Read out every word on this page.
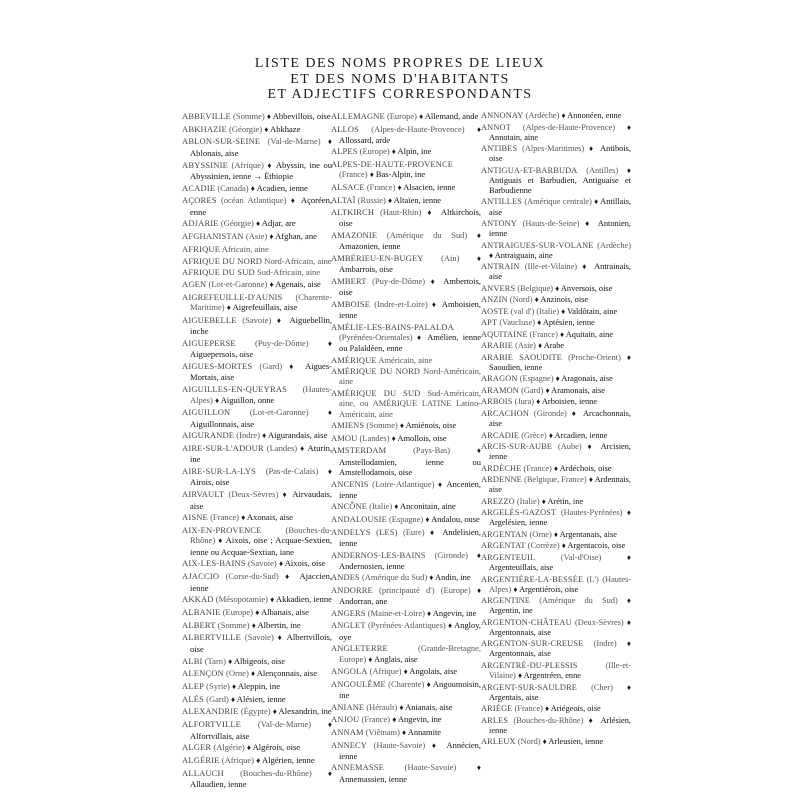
LISTE DES NOMS PROPRES DE LIEUX
ET DES NOMS D'HABITANTS
ET ADJECTIFS CORRESPONDANTS

ABBEVILLE (Somme) ♦ Abbevillois, oise

ABKHAZIE (Géorgie) ♦ Abkhaze

ABLON-SUR-SEINE (Val-de-Marne) ♦ Ablonais, aise

ABYSSINIE (Afrique) ♦ Abyssin, ine ou Abyssinien, ienne → Éthiopie

ACADIE (Canada) ♦ Acadien, ienne

AÇORES (océan Atlantique) ♦ Açoréen, enne

ADJARIE (Géorgie) ♦ Adjar, are

AFGHANISTAN (Asie) ♦ Afghan, ane

AFRIQUE Africain, aine

AFRIQUE DU NORD Nord-Africain, aine

AFRIQUE DU SUD Sud-Africain, aine

AGEN (Lot-et-Garonne) ♦ Agenais, aise

AIGREFEUILLE-D'AUNIS (Charente-Maritime) ♦ Aigrefeuillais, aise

AIGUEBELLE (Savoie) ♦ Aiguebellin, inche

AIGUEPERSE (Puy-de-Dôme) ♦ Aiguepersois, oise

AIGUES-MORTES (Gard) ♦ Aigues-Mortais, aise

AIGUILLES-EN-QUEYRAS (Hautes-Alpes) ♦ Aiguillon, onne

AIGUILLON (Lot-et-Garonne) ♦ Aiguillonnais, aise

AIGURANDE (Indre) ♦ Aigurandais, aise

AIRE-SUR-L'ADOUR (Landes) ♦ Aturin, ine

AIRE-SUR-LA-LYS (Pas-de-Calais) ♦ Airois, oise

AIRVAULT (Deux-Sèvres) ♦ Airvaudais, aise

AISNE (France) ♦ Axonais, aise

AIX-EN-PROVENCE	(Bouches-du-Rhône) ♦ Aixois, oise ; Acquae-Sextien, ienne ou Acquae-Sextian, iane

AIX-LES-BAINS (Savoie) ♦ Aixois, oise

AJACCIO (Corse-du-Sud) ♦ Ajaccien, ienne

AKKAD (Mésopotamie) ♦ Akkadien, ienne

ALBANIE (Europe) ♦ Albanais, aise

ALBERT (Somme) ♦ Albertin, ine

ALBERTVILLE (Savoie) ♦ Albertvillois, oise

ALBI (Tarn) ♦ Albigeois, oise

ALENÇON (Orne) ♦ Alençonnais, aise

ALEP (Syrie) ♦ Aleppin, ine

ALÈS (Gard) ♦ Alésien, ienne

ALEXANDRIE (Égypte) ♦ Alexandrin, ine

ALFORTVILLE (Val-de-Marne) ♦ Alfortvillais, aise

ALGER (Algérie) ♦ Algérois, oise

ALGÉRIE (Afrique) ♦ Algérien, ienne

ALLAUCH (Bouches-du-Rhône) ♦ Allaudien, ienne

ALLEMAGNE (Europe) ♦ Allemand, ande

ALLOS (Alpes-de-Haute-Provence) ♦ Allossard, arde

ALPES (Europe) ♦ Alpin, ine

ALPES-DE-HAUTE-PROVENCE (France) ♦ Bas-Alpin, ine

ALSACE (France) ♦ Alsacien, ienne

ALTAÏ (Russie) ♦ Altaïen, ienne

ALTKIRCH (Haut-Rhin) ♦ Altkirchois, oise

AMAZONIE (Amérique du Sud) ♦ Amazonien, ienne

AMBÉRIEU-EN-BUGEY (Ain) ♦ Ambarrois, oise

AMBERT (Puy-de-Dôme) ♦ Ambertois, oise

AMBOISE (Indre-et-Loire) ♦ Amboisien, ienne

AMÉLIE-LES-BAINS-PALALDA (Pyrénées-Orientales) ♦ Amélien, ienne ou Palaldéen, enne

AMÉRIQUE Américain, aine

AMÉRIQUE DU NORD Nord-Américain, aine

AMÉRIQUE DU SUD Sud-Américain, aine, ou AMÉRIQUE LATINE Latino-Américain, aine

AMIENS (Somme) ♦ Amiénois, oise

AMOU (Landes) ♦ Amollois, oise

AMSTERDAM	(Pays-Bas)	♦ Amstellodamien, ienne ou Amstellodamois, oise

ANCENIS (Loire-Atlantique) ♦ Ancenien, ienne

ANCÔNE (Italie) ♦ Anconitain, aine

ANDALOUSIE (Espagne) ♦ Andalou, ouse

ANDELYS (LES) (Eure) ♦ Andelisien, ienne

ANDERNOS-LES-BAINS (Gironde) ♦ Andernosien, ienne

ANDES (Amérique du Sud) ♦ Andin, ine

ANDORRE (principauté d') (Europe) ♦ Andorran, ane

ANGERS (Maine-et-Loire) ♦ Angevin, ine

ANGLET (Pyrénées-Atlantiques) ♦ Angloy, oye

ANGLETERRE	(Grande-Bretagne, Europe) ♦ Anglais, aise

ANGOLA (Afrique) ♦ Angolais, aise

ANGOULÊME (Charente) ♦ Angoumoisin, ine

ANIANE (Hérault) ♦ Anianais, aise

ANJOU (France) ♦ Angevin, ine

ANNAM (Viêtnam) ♦ Annamite

ANNECY (Haute-Savoie) ♦ Annécien, ienne

ANNEMASSE (Haute-Savoie)	♦ Annemassien, ienne

ANNONAY (Ardèche) ♦ Annonéen, enne

ANNOT (Alpes-de-Haute-Provence) ♦ Annotain, aine

ANTIBES (Alpes-Maritimes) ♦ Antibois, oise

ANTIGUA-ET-BARBUDA (Antilles) ♦ Antiguais et Barbudien, Antiguaise et Barbudienne

ANTILLES (Amérique centrale) ♦ Antillais, aise

ANTONY (Hauts-de-Seine) ♦ Antonien, ienne

ANTRAIGUES-SUR-VOLANE (Ardèche) ♦ Antraiguain, aine

ANTRAIN (Ille-et-Vilaine) ♦ Antrainais, aise

ANVERS (Belgique) ♦ Anversois, oise

ANZIN (Nord) ♦ Anzinois, oise

AOSTE (val d') (Italie) ♦ Valdôtain, aine

APT (Vaucluse) ♦ Aptésien, ienne

AQUITAINE (France) ♦ Aquitain, aine

ARABIE (Asie) ♦ Arabe

ARABIE SAOUDITE (Proche-Orient) ♦ Saoudien, ienne

ARAGON (Espagne) ♦ Aragonais, aise

ARAMON (Gard) ♦ Aramonais, aise

ARBOIS (Jura) ♦ Arboisien, ienne

ARCACHON (Gironde) ♦ Arcachonnais, aise

ARCADIE (Grèce) ♦ Arcadien, ienne

ARCIS-SUR-AUBE (Aube) ♦ Arcisien, ienne

ARDÈCHE (France) ♦ Ardéchois, oise

ARDENNE (Belgique, France) ♦ Ardennais, aise

AREZZO (Italie) ♦ Arétin, ine

ARGELÈS-GAZOST (Hautes-Pyrénées) ♦ Argelésien, ienne

ARGENTAN (Orne) ♦ Argentanais, aise

ARGENTAT (Corrèze) ♦ Argentacois, oise

ARGENTEUIL	(Val-d'Oise)	♦ Argenteuillais, aise

ARGENTIÈRE-LA-BESSÉE (L') (Hautes-Alpes) ♦ Argentiérois, oise

ARGENTINE (Amérique du Sud) ♦ Argentin, ine

ARGENTON-CHÂTEAU (Deux-Sèvres) ♦ Argentonnais, aise

ARGENTON-SUR-CREUSE (Indre) ♦ Argentonnais, aise

ARGENTRÉ-DU-PLESSIS	(Ille-et-Vilaine) ♦ Argentréen, enne

ARGENT-SUR-SAULDRE (Cher) ♦ Argentais, aise

ARIÈGE (France) ♦ Ariégeois, oise

ARLES (Bouches-du-Rhône) ♦ Arlésien, ienne

ARLEUX (Nord) ♦ Arleusien, ienne
